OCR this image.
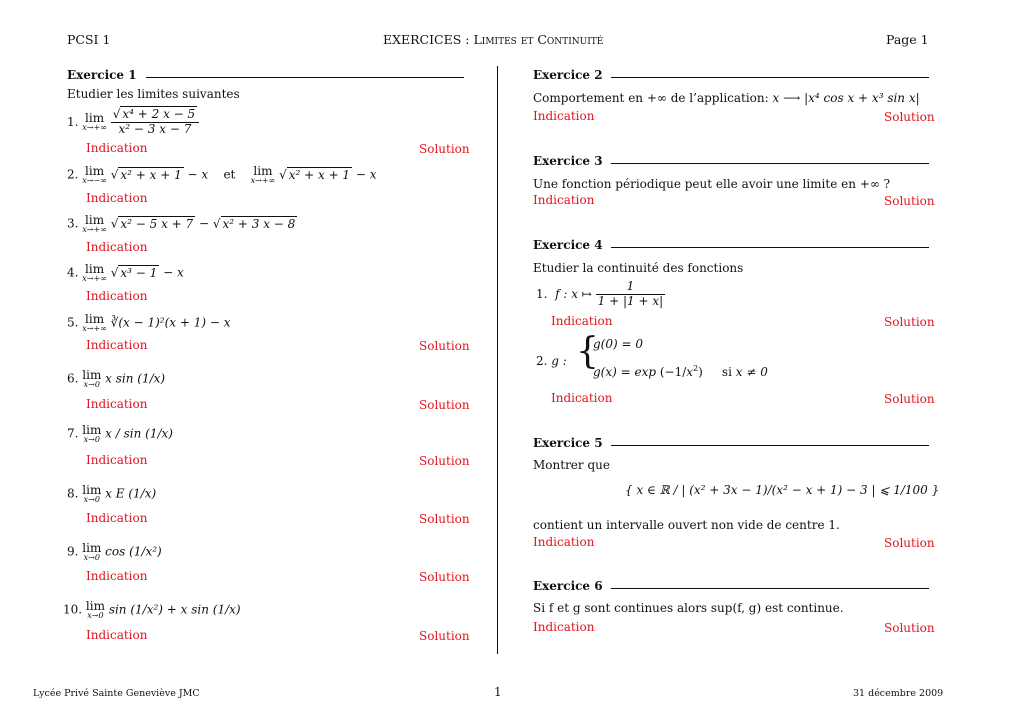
PCSI 1	EXERCICES : Limites et Continuité	Page 1
Exercice 1
Etudier les limites suivantes
1. lim
x→+∞
$\frac{\text{√ x⁴ + 2 x − 5}}{\text{x² − 3 x − 7}}$
Indication	Solution
2. lim
x→−∞ √ x² + x + 1 − x et lim
x→+∞ √ x² + x + 1 − x
Indication
3. lim
x→+∞ √ x² − 5 x + 7 − √ x² + 3 x − 8
Indication
4. lim
x→+∞ √ x³ − 1 − x
Indication
5. lim
x→+∞ ∛(x − 1)²(x + 1) − x
Indication	Solution
6. lim
x→0 x sin (1/x)
Indication	Solution
7. lim
x→0 x / sin (1/x)
Indication	Solution
8. lim
x→0 x E (1/x)
Indication	Solution
9. lim
x→0 cos (1/x²)
Indication	Solution
10. lim
x→0 sin (1/x²) + x sin (1/x)
Indication	Solution
Exercice 2
Comportement en +∞ de l’application: x ⟶ |x⁴ cos x + x³ sin x|
Indication	Solution
Exercice 3
Une fonction périodique peut elle avoir une limite en +∞ ?
Indication	Solution
Exercice 4
Etudier la continuité des fonctions
1. f : x ↦ $\frac{1}{1 + |1 + x|}$
Indication	Solution
2. g : {
g(0) = 0
$g(x) = \exp (-1/x^2)$     si x ≠ 0
Indication	Solution
Exercice 5
Montrer que
{ x ∈ ℝ / | (x² + 3x − 1)/(x² − x + 1) − 3 | ⩽ 1/100 }
contient un intervalle ouvert non vide de centre 1.
Indication	Solution
Exercice 6
Si f et g sont continues alors sup(f, g) est continue.
Indication	Solution
Lycée Privé Sainte Geneviève JMC	1	31 décembre 2009
